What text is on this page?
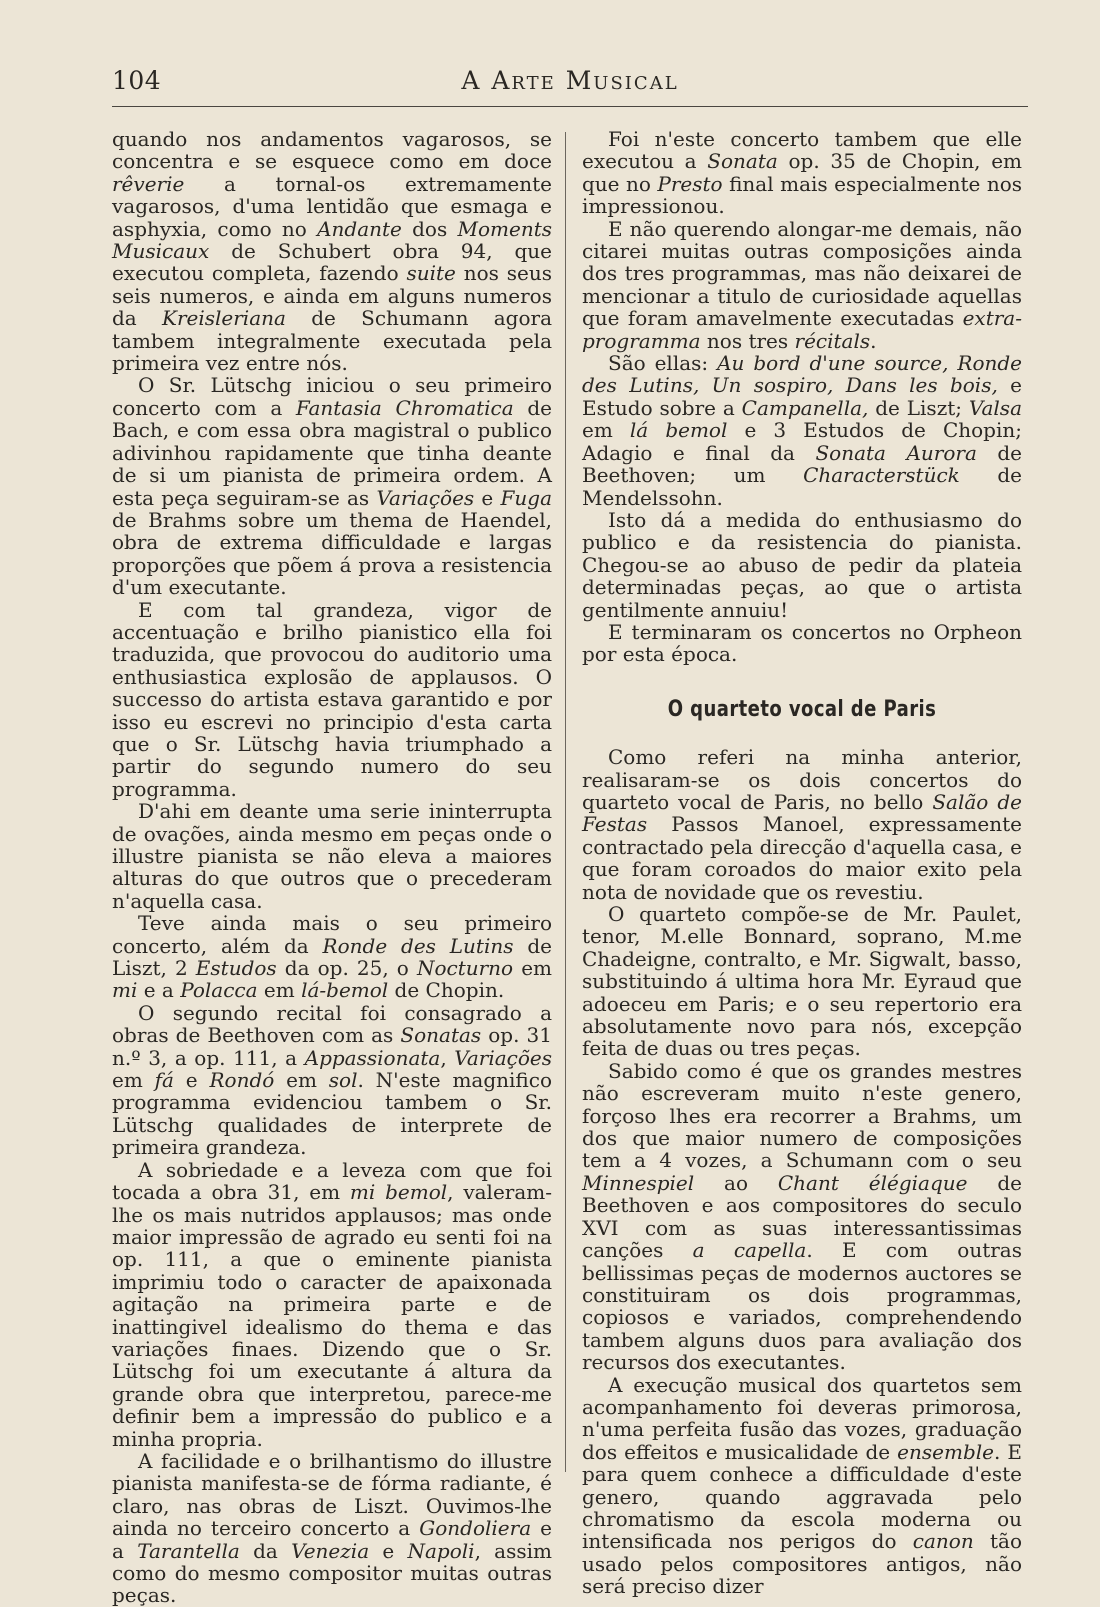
104	A Arte Musical

quando nos andamentos vagarosos, se concentra e se esquece como em doce rêverie a tornal-os extremamente vagarosos, d'uma lentidão que esmaga e asphyxia, como no Andante dos Moments Musicaux de Schubert obra 94, que executou completa, fazendo suite nos seus seis numeros, e ainda em alguns numeros da Kreisleriana de Schumann agora tambem integralmente executada pela primeira vez entre nós.

O Sr. Lütschg iniciou o seu primeiro concerto com a Fantasia Chromatica de Bach, e com essa obra magistral o publico adivinhou rapidamente que tinha deante de si um pianista de primeira ordem. A esta peça seguiram-se as Variações e Fuga de Brahms sobre um thema de Haendel, obra de extrema difficuldade e largas proporções que põem á prova a resistencia d'um executante.

E com tal grandeza, vigor de accentuação e brilho pianistico ella foi traduzida, que provocou do auditorio uma enthusiastica explosão de applausos. O successo do artista estava garantido e por isso eu escrevi no principio d'esta carta que o Sr. Lütschg havia triumphado a partir do segundo numero do seu programma.

D'ahi em deante uma serie ininterrupta de ovações, ainda mesmo em peças onde o illustre pianista se não eleva a maiores alturas do que outros que o precederam n'aquella casa.

Teve ainda mais o seu primeiro concerto, além da Ronde des Lutins de Liszt, 2 Estudos da op. 25, o Nocturno em mi e a Polacca em lá-bemol de Chopin.

O segundo recital foi consagrado a obras de Beethoven com as Sonatas op. 31 n.º 3, a op. 111, a Appassionata, Variações em fá e Rondó em sol. N'este magnifico programma evidenciou tambem o Sr. Lütschg qualidades de interprete de primeira grandeza.

A sobriedade e a leveza com que foi tocada a obra 31, em mi bemol, valeram-lhe os mais nutridos applausos; mas onde maior impressão de agrado eu senti foi na op. 111, a que o eminente pianista imprimiu todo o caracter de apaixonada agitação na primeira parte e de inattingivel idealismo do thema e das variações finaes. Dizendo que o Sr. Lütschg foi um executante á altura da grande obra que interpretou, parece-me definir bem a impressão do publico e a minha propria.

A facilidade e o brilhantismo do illustre pianista manifesta-se de fórma radiante, é claro, nas obras de Liszt. Ouvimos-lhe ainda no terceiro concerto a Gondoliera e a Tarantella da Venezia e Napoli, assim como do mesmo compositor muitas outras peças.

Foi n'este concerto tambem que elle executou a Sonata op. 35 de Chopin, em que no Presto final mais especialmente nos impressionou.

E não querendo alongar-me demais, não citarei muitas outras composições ainda dos tres programmas, mas não deixarei de mencionar a titulo de curiosidade aquellas que foram amavelmente executadas extra-programma nos tres récitals.

São ellas: Au bord d'une source, Ronde des Lutins, Un sospiro, Dans les bois, e Estudo sobre a Campanella, de Liszt; Valsa em lá bemol e 3 Estudos de Chopin; Adagio e final da Sonata Aurora de Beethoven; um Characterstück de Mendelssohn.

Isto dá a medida do enthusiasmo do publico e da resistencia do pianista. Chegou-se ao abuso de pedir da plateia determinadas peças, ao que o artista gentilmente annuiu!

E terminaram os concertos no Orpheon por esta época.

O quarteto vocal de Paris

Como referi na minha anterior, realisaram-se os dois concertos do quarteto vocal de Paris, no bello Salão de Festas Passos Manoel, expressamente contractado pela direcção d'aquella casa, e que foram coroados do maior exito pela nota de novidade que os revestiu.

O quarteto compõe-se de Mr. Paulet, tenor, M.elle Bonnard, soprano, M.me Chadeigne, contralto, e Mr. Sigwalt, basso, substituindo á ultima hora Mr. Eyraud que adoeceu em Paris; e o seu repertorio era absolutamente novo para nós, excepção feita de duas ou tres peças.

Sabido como é que os grandes mestres não escreveram muito n'este genero, forçoso lhes era recorrer a Brahms, um dos que maior numero de composições tem a 4 vozes, a Schumann com o seu Minnespiel ao Chant élégiaque de Beethoven e aos compositores do seculo XVI com as suas interessantissimas canções a capella. E com outras bellissimas peças de modernos auctores se constituiram os dois programmas, copiosos e variados, comprehendendo tambem alguns duos para avaliação dos recursos dos executantes.

A execução musical dos quartetos sem acompanhamento foi deveras primorosa, n'uma perfeita fusão das vozes, graduação dos effeitos e musicalidade de ensemble. E para quem conhece a difficuldade d'este genero, quando aggravada pelo chromatismo da escola moderna ou intensificada nos perigos do canon tão usado pelos compositores antigos, não será preciso dizer
